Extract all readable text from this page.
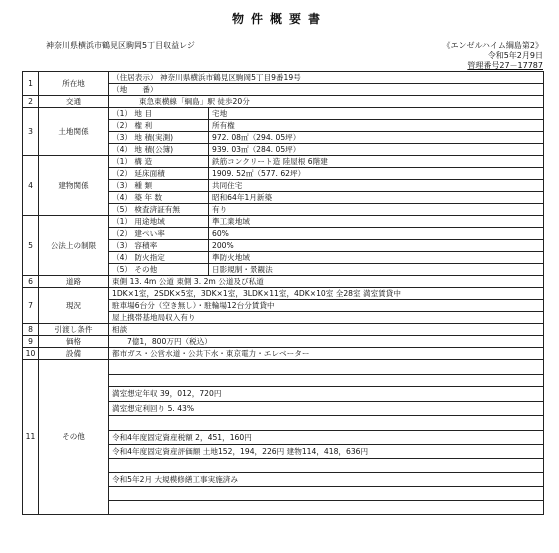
物件概要書
神奈川県横浜市鶴見区駒岡5丁目収益レジ	《エンゼルハイム綱島第2》
令和5年2月9日
管理番号27－17787
1	所在地	（住居表示） 神奈川県横浜市鶴見区駒岡5丁目9番19号	
		（地　　番）	
2	交通	東急東横線「綱島」駅 徒歩20分	
3	土地関係	（1） 地 目	宅地
		（2） 権 利	所有権
		（3） 地 積(実測)	972. 08㎡（294. 05坪）
		（4） 地 積(公簿)	939. 03㎡（284. 05坪）
4	建物関係	（1） 構 造	鉄筋コンクリート造 陸屋根 6階建
		（2） 延床面積	1909. 52㎡（577. 62坪）
		（3） 種 類	共同住宅
		（4） 築 年 数	昭和64年1月新築
		（5） 検査済証有無	有り
5	公法上の制限	（1） 用途地域	準工業地域
		（2） 建ぺい率	60%
		（3） 容積率	200%
		（4） 防火指定	準防火地域
		（5） その他	日影規制・景観法
6	道路	東側 13. 4m 公道 東側 3. 2m 公道及び私道	
7	現況	1DK×1室，2SDK×5室，3DK×1室，3LDK×11室，4DK×10室 全28室 満室賃貸中	
		駐車場6台分（空き無し）・駐輪場12台分賃貸中	
		屋上携帯基地局収入有り	
8	引渡し条件	相談	
9	価格	7億1，800万円（税込）	
10	設備	都市ガス・公営水道・公共下水・東京電力・エレベーター	
11	その他		

		満室想定年収 39，012，720円	
		満室想定利回り 5. 43%	

		令和4年度固定資産税額 2，451，160円	
		令和4年度固定資産評価額 土地152，194，226円 建物114，418，636円	

		令和5年2月 大規模修繕工事実施済み	
